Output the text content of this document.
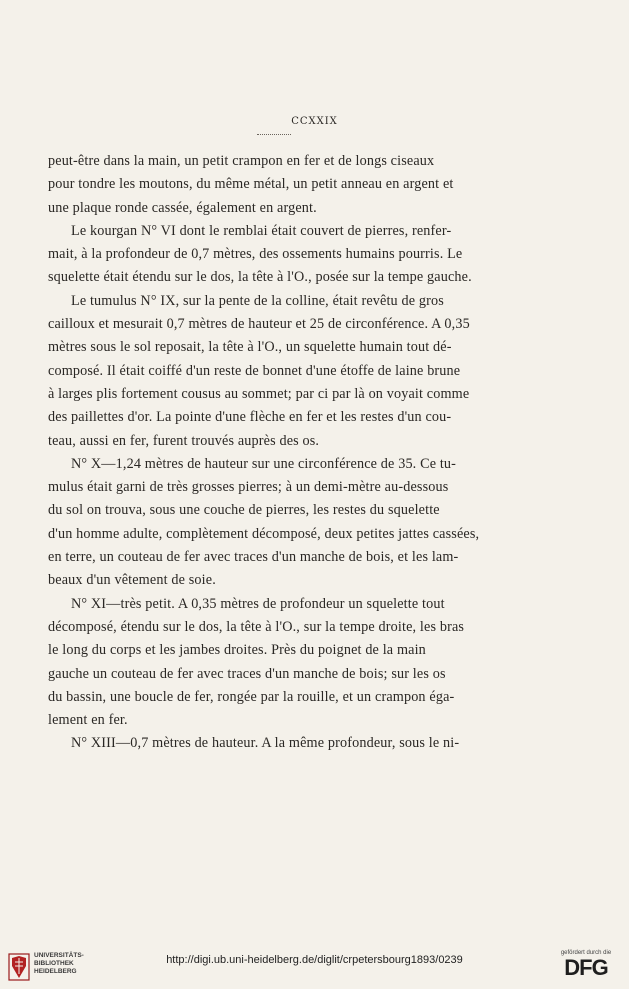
CCXXIX
peut-être dans la main, un petit crampon en fer et de longs ciseaux
pour tondre les moutons, du même métal, un petit anneau en argent et
une plaque ronde cassée, également en argent.
Le kourgan N° VI dont le remblai était couvert de pierres, renfer-
mait, à la profondeur de 0,7 mètres, des ossements humains pourris. Le
squelette était étendu sur le dos, la tête à l'O., posée sur la tempe gauche.
Le tumulus N° IX, sur la pente de la colline, était revêtu de gros
cailloux et mesurait 0,7 mètres de hauteur et 25 de circonférence. A 0,35
mètres sous le sol reposait, la tête à l'O., un squelette humain tout dé-
composé. Il était coiffé d'un reste de bonnet d'une étoffe de laine brune
à larges plis fortement cousus au sommet; par ci par là on voyait comme
des paillettes d'or. La pointe d'une flèche en fer et les restes d'un cou-
teau, aussi en fer, furent trouvés auprès des os.
N° X—1,24 mètres de hauteur sur une circonférence de 35. Ce tu-
mulus était garni de très grosses pierres; à un demi-mètre au-dessous
du sol on trouva, sous une couche de pierres, les restes du squelette
d'un homme adulte, complètement décomposé, deux petites jattes cassées,
en terre, un couteau de fer avec traces d'un manche de bois, et les lam-
beaux d'un vêtement de soie.
N° XI—très petit. A 0,35 mètres de profondeur un squelette tout
décomposé, étendu sur le dos, la tête à l'O., sur la tempe droite, les bras
le long du corps et les jambes droites. Près du poignet de la main
gauche un couteau de fer avec traces d'un manche de bois; sur les os
du bassin, une boucle de fer, rongée par la rouille, et un crampon éga-
lement en fer.
N° XIII—0,7 mètres de hauteur. A la même profondeur, sous le ni-
UNIVERSITÄTS-
BIBLIOTHEK
HEIDELBERG
http://digi.ub.uni-heidelberg.de/diglit/crpetersbourg1893/0239
gefördert durch die
DFG
